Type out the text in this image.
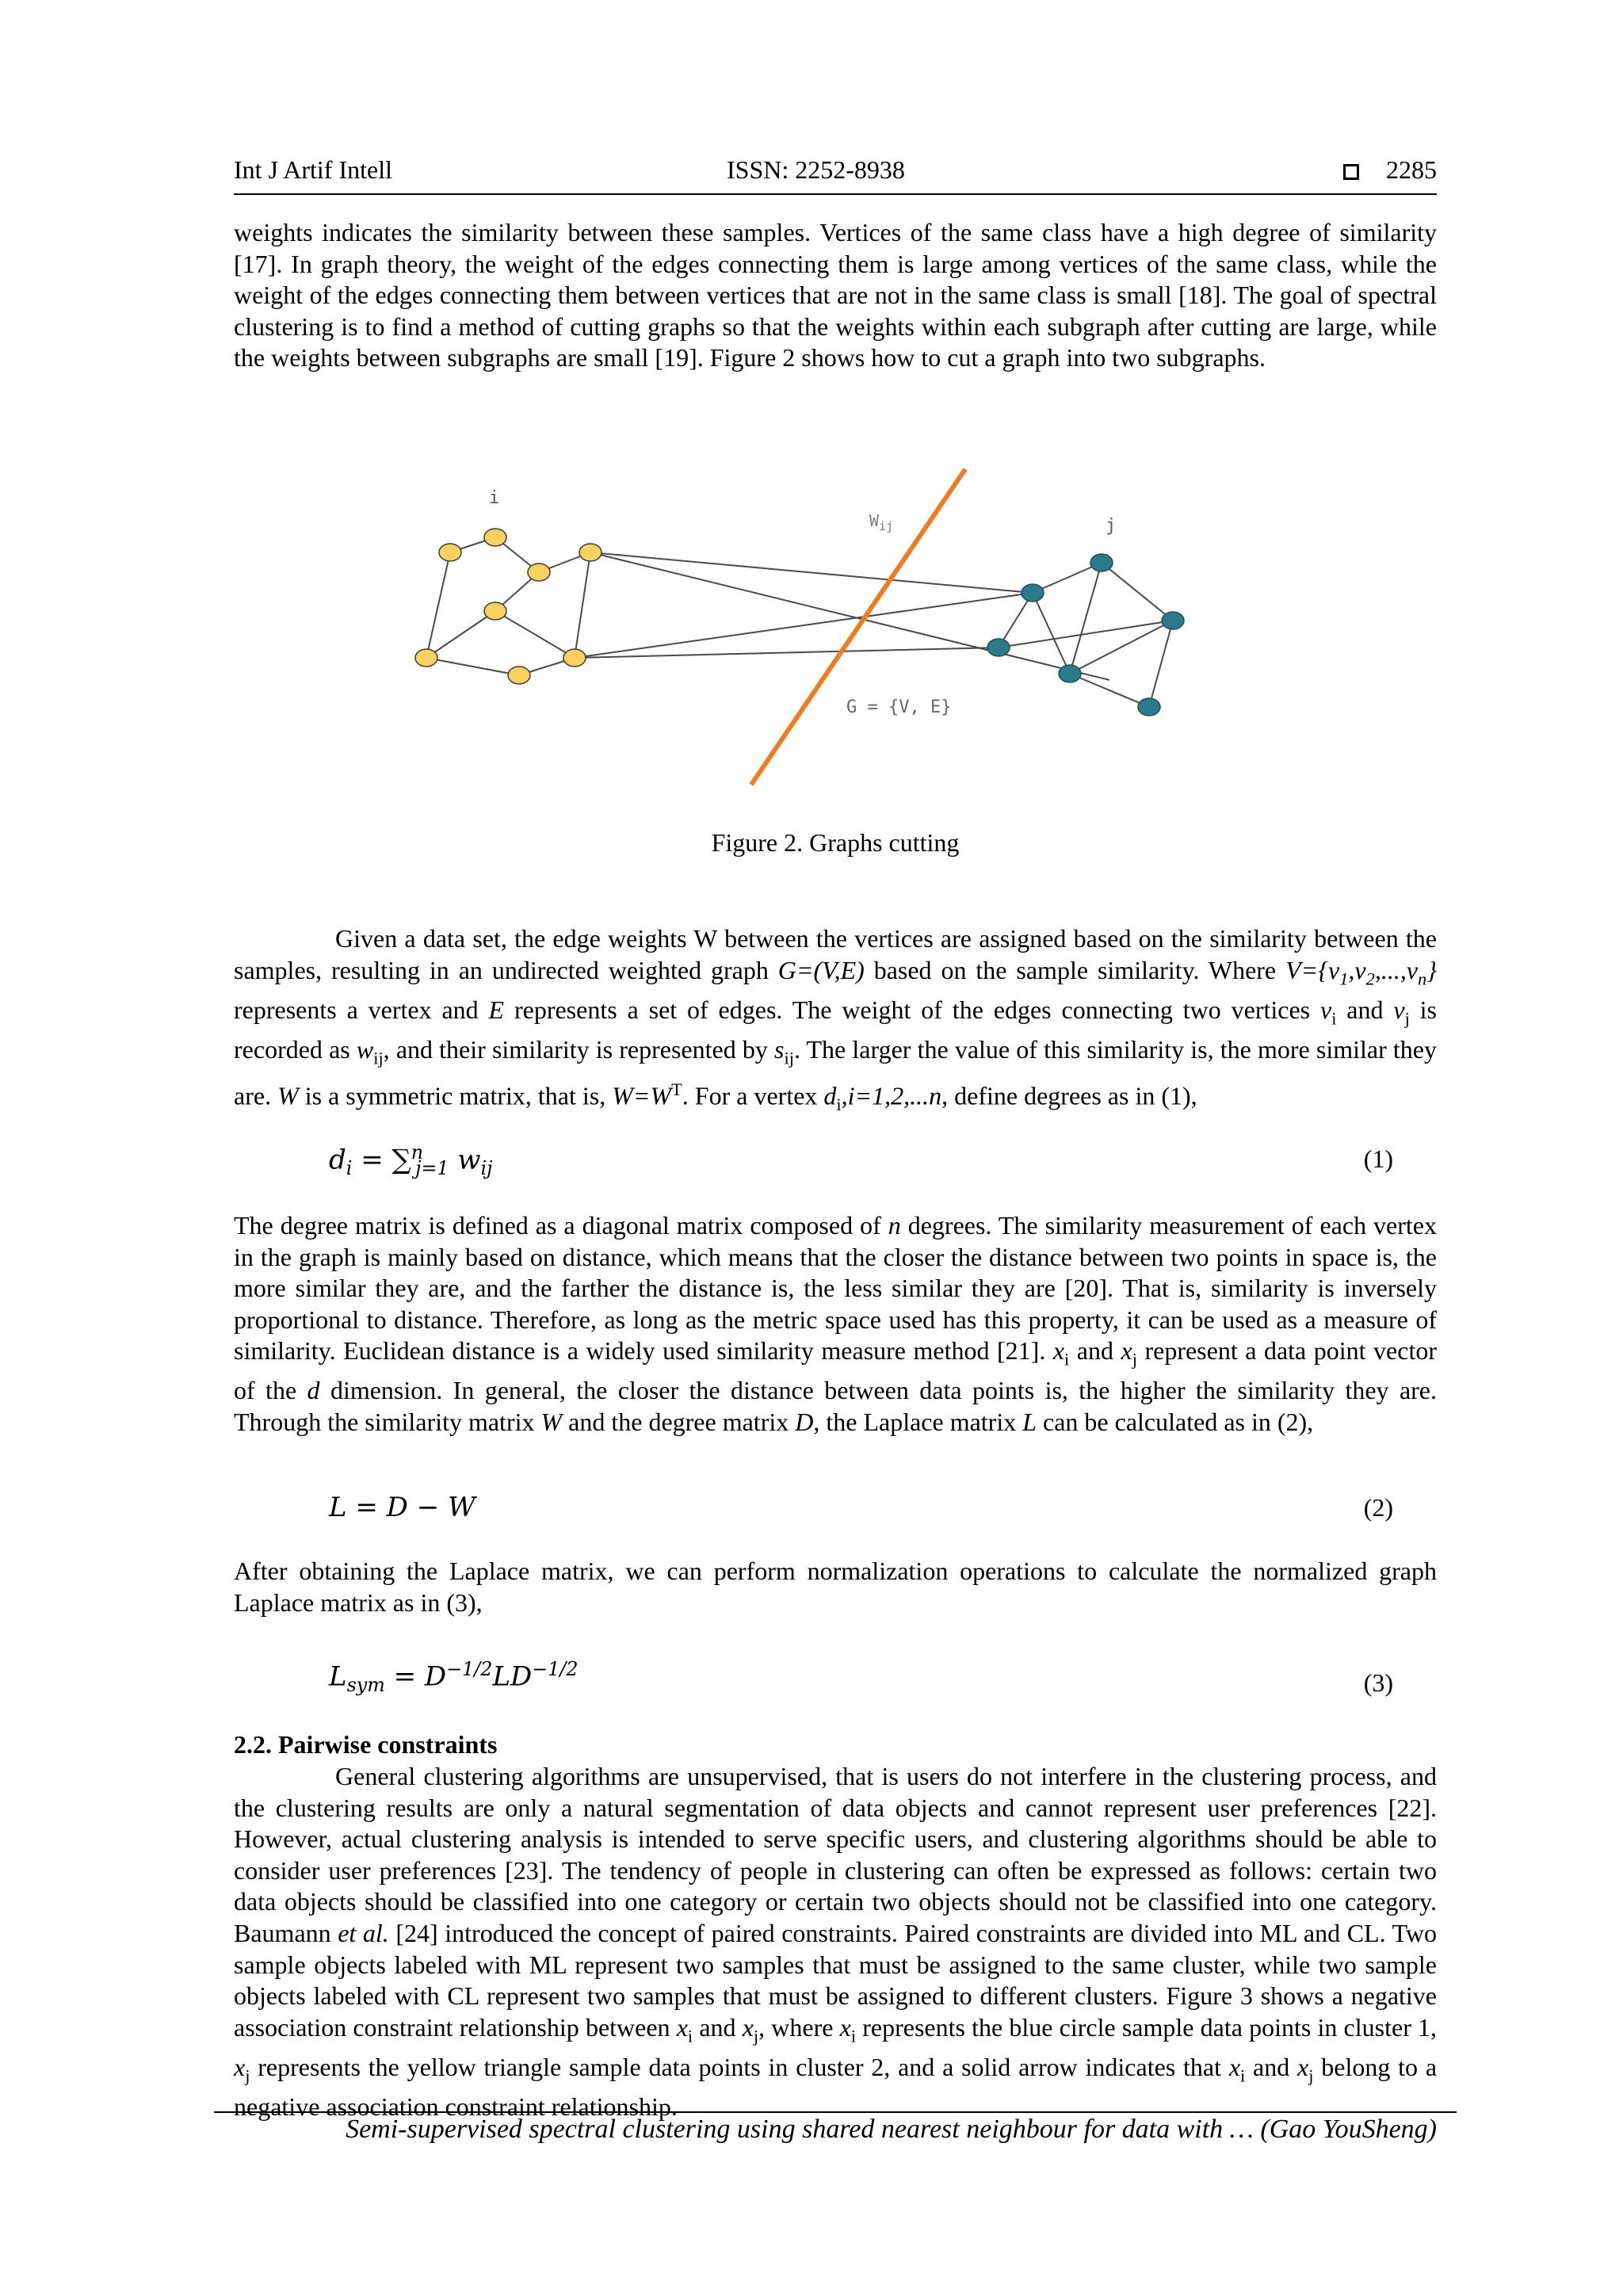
Int J Artif Intell	ISSN: 2252-8938	2285

weights indicates the similarity between these samples. Vertices of the same class have a high degree of similarity [17]. In graph theory, the weight of the edges connecting them is large among vertices of the same class, while the weight of the edges connecting them between vertices that are not in the same class is small [18]. The goal of spectral clustering is to find a method of cutting graphs so that the weights within each subgraph after cutting are large, while the weights between subgraphs are small [19]. Figure 2 shows how to cut a graph into two subgraphs.

i
j
$W_{ij}$
G = {V, E}
Figure 2. Graphs cutting

Given a data set, the edge weights W between the vertices are assigned based on the similarity between the samples, resulting in an undirected weighted graph G=(V,E) based on the sample similarity. Where $V=\{v_1,v_2,...,v_n\}$ represents a vertex and E represents a set of edges. The weight of the edges connecting two vertices $v_i$ and $v_j$ is recorded as $w_{ij}$, and their similarity is represented by $s_{ij}$. The larger the value of this similarity is, the more similar they are. W is a symmetric matrix, that is, $W=W^T$. For a vertex $d_i,i=1,2,...n$, define degrees as in (1),

$d_i = \sum^n_{j=1}$ $w_{ij}$	(1)

The degree matrix is defined as a diagonal matrix composed of n degrees. The similarity measurement of each vertex in the graph is mainly based on distance, which means that the closer the distance between two points in space is, the more similar they are, and the farther the distance is, the less similar they are [20]. That is, similarity is inversely proportional to distance. Therefore, as long as the metric space used has this property, it can be used as a measure of similarity. Euclidean distance is a widely used similarity measure method [21]. $x_i$ and $x_j$ represent a data point vector of the d dimension. In general, the closer the distance between data points is, the higher the similarity they are. Through the similarity matrix W and the degree matrix D, the Laplace matrix L can be calculated as in (2),

L = D − W	(2)

After obtaining the Laplace matrix, we can perform normalization operations to calculate the normalized graph Laplace matrix as in (3),

$L_{sym} = D^{-1/2}LD^{-1/2}$	(3)
2.2. Pairwise constraints

General clustering algorithms are unsupervised, that is users do not interfere in the clustering process, and the clustering results are only a natural segmentation of data objects and cannot represent user preferences [22]. However, actual clustering analysis is intended to serve specific users, and clustering algorithms should be able to consider user preferences [23]. The tendency of people in clustering can often be expressed as follows: certain two data objects should be classified into one category or certain two objects should not be classified into one category. Baumann et al. [24] introduced the concept of paired constraints. Paired constraints are divided into ML and CL. Two sample objects labeled with ML represent two samples that must be assigned to the same cluster, while two sample objects labeled with CL represent two samples that must be assigned to different clusters. Figure 3 shows a negative association constraint relationship between $x_i$ and $x_j$, where $x_i$ represents the blue circle sample data points in cluster 1, $x_j$ represents the yellow triangle sample data points in cluster 2, and a solid arrow indicates that $x_i$ and $x_j$ belong to a negative association constraint relationship.

Semi-supervised spectral clustering using shared nearest neighbour for data with … (Gao YouSheng)
